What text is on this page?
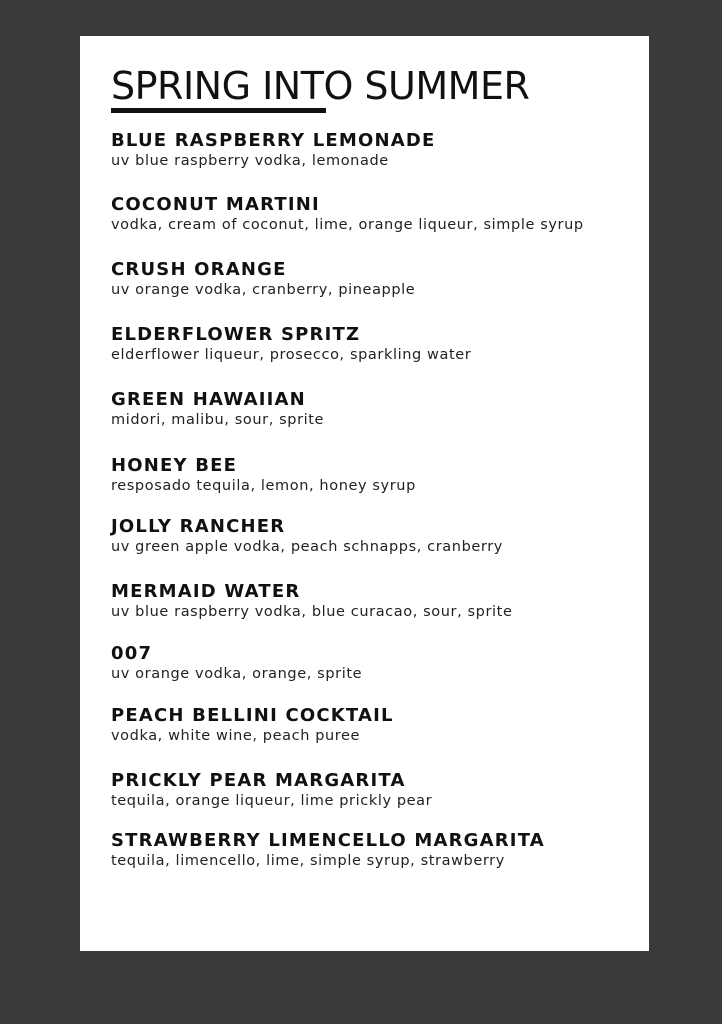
SPRING INTO SUMMER
BLUE RASPBERRY LEMONADE
uv blue raspberry vodka, lemonade
COCONUT MARTINI
vodka, cream of coconut, lime, orange liqueur, simple syrup
CRUSH ORANGE
uv orange vodka, cranberry, pineapple
ELDERFLOWER SPRITZ
elderflower liqueur, prosecco, sparkling water
GREEN HAWAIIAN
midori, malibu, sour, sprite
HONEY BEE
resposado tequila, lemon, honey syrup
JOLLY RANCHER
uv green apple vodka, peach schnapps, cranberry
MERMAID WATER
uv blue raspberry vodka, blue curacao, sour, sprite
007
uv orange vodka, orange, sprite
PEACH BELLINI COCKTAIL
vodka, white wine, peach puree
PRICKLY PEAR MARGARITA
tequila, orange liqueur, lime prickly pear
STRAWBERRY LIMENCELLO MARGARITA
tequila, limencello, lime, simple syrup, strawberry
